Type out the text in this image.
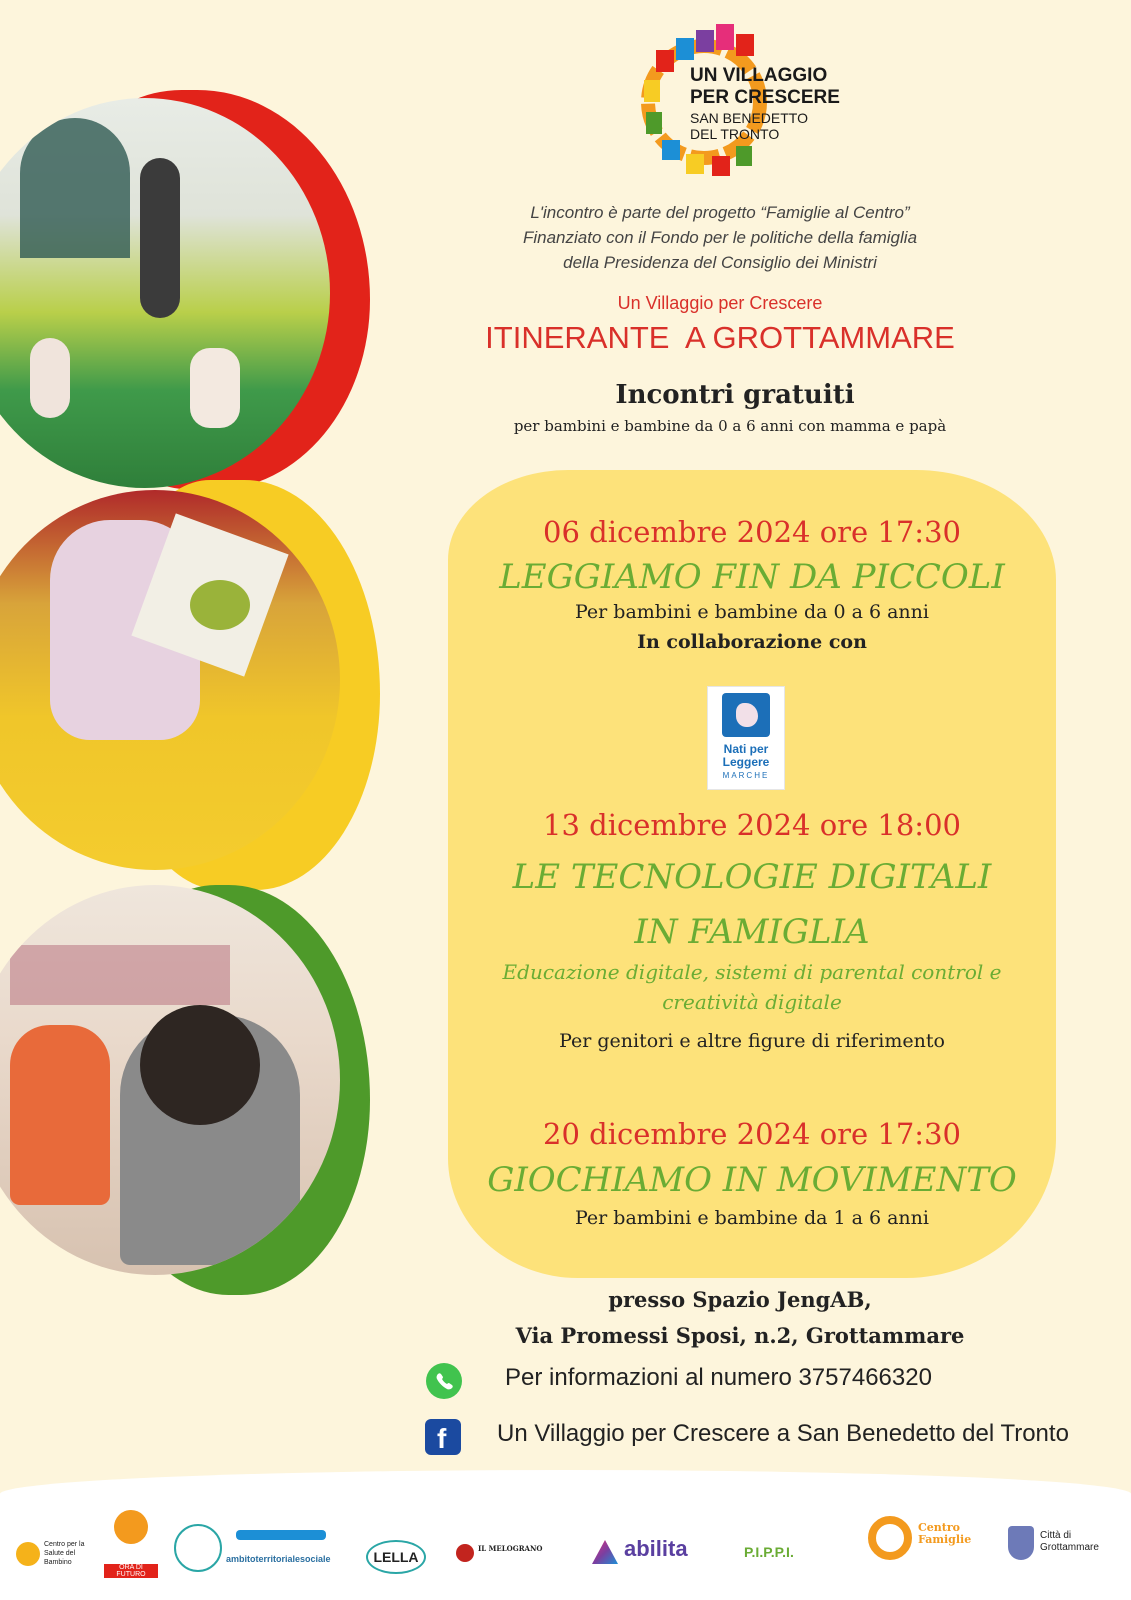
UN VILLAGGIO
PER CRESCERE
SAN BENEDETTO
DEL TRONTO
L'incontro è parte del progetto “Famiglie al Centro”
Finanziato con il Fondo per le politiche della famiglia
della Presidenza del Consiglio dei Ministri
Un Villaggio per Crescere
ITINERANTE  A GROTTAMMARE
Incontri gratuiti
per bambini e bambine da 0 a 6 anni con mamma e papà
06 dicembre 2024 ore 17:30
LEGGIAMO FIN DA PICCOLI
Per bambini e bambine da 0 a 6 anni
In collaborazione con
Nati per
Leggere
MARCHE
13 dicembre 2024 ore 18:00
LE TECNOLOGIE DIGITALI
IN FAMIGLIA
Educazione digitale, sistemi di parental control e
creatività digitale
Per genitori e altre figure di riferimento
20 dicembre 2024 ore 17:30
GIOCHIAMO IN MOVIMENTO
Per bambini e bambine da 1 a 6 anni
presso Spazio JengAB,
Via Promessi Sposi, n.2, Grottammare
Per informazioni al numero 3757466320
f Un Villaggio per Crescere a San Benedetto del Tronto
Centro per la Salute del Bambino
ORA DI FUTURO
ambitoterritorialesociale	LELLA
IL MELOGRANO	abilita	P.I.P.P.I.
Centro Famiglie	Città di Grottammare
